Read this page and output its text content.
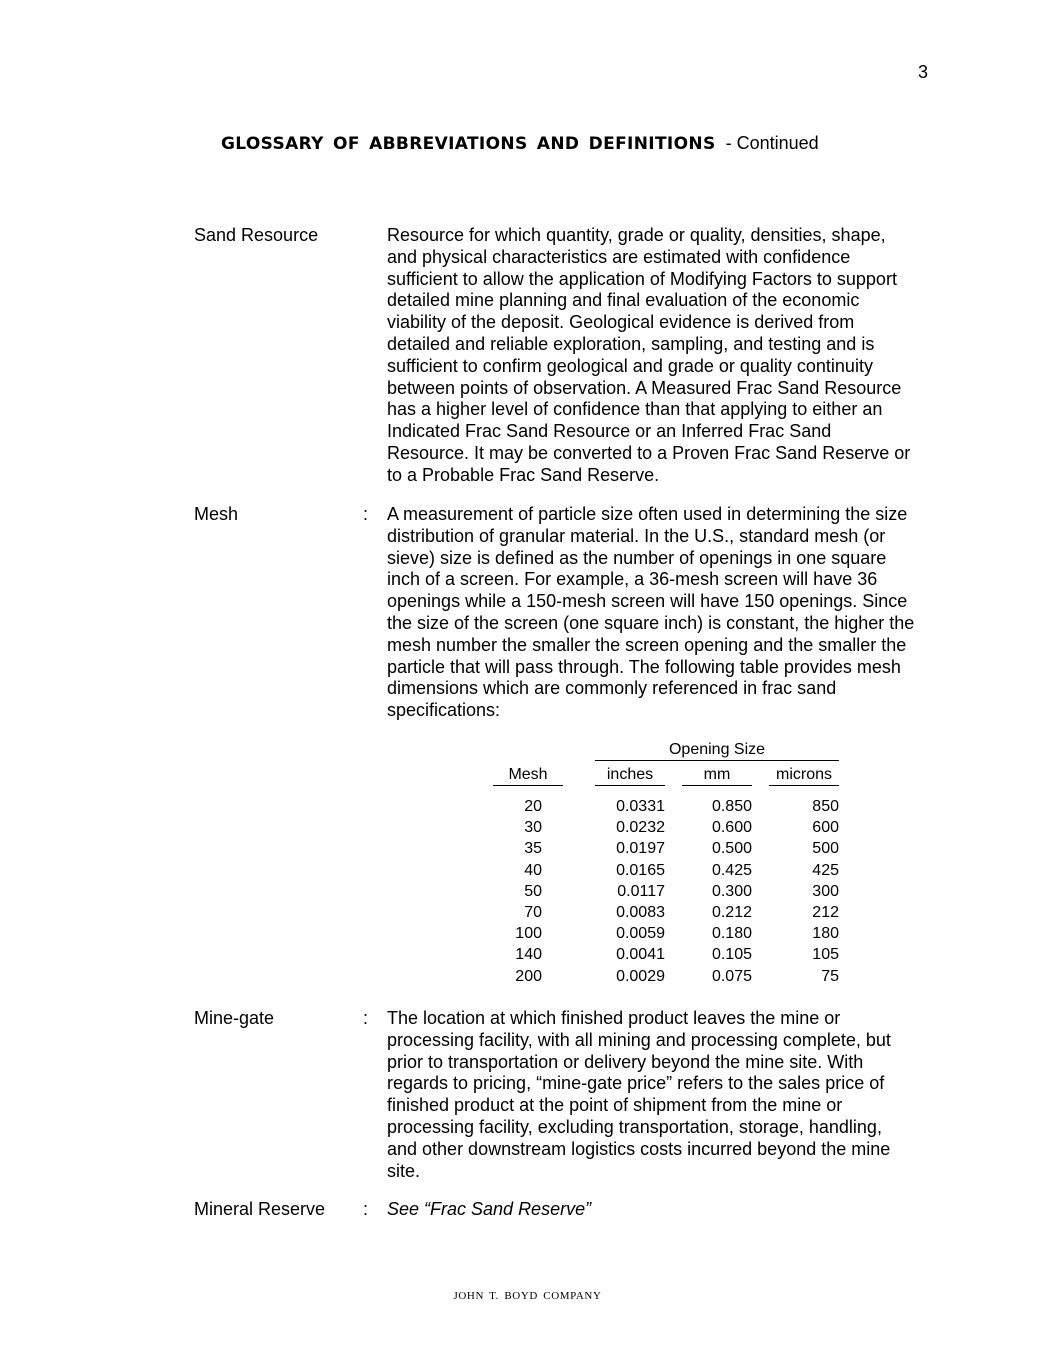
3
GLOSSARY OF ABBREVIATIONS AND DEFINITIONS - Continued
Sand Resource	Resource for which quantity, grade or quality, densities, shape,
and physical characteristics are estimated with confidence
sufficient to allow the application of Modifying Factors to support
detailed mine planning and final evaluation of the economic
viability of the deposit. Geological evidence is derived from
detailed and reliable exploration, sampling, and testing and is
sufficient to confirm geological and grade or quality continuity
between points of observation. A Measured Frac Sand Resource
has a higher level of confidence than that applying to either an
Indicated Frac Sand Resource or an Inferred Frac Sand
Resource. It may be converted to a Proven Frac Sand Reserve or
to a Probable Frac Sand Reserve.
Mesh	: A measurement of particle size often used in determining the size
distribution of granular material. In the U.S., standard mesh (or
sieve) size is defined as the number of openings in one square
inch of a screen. For example, a 36-mesh screen will have 36
openings while a 150-mesh screen will have 150 openings. Since
the size of the screen (one square inch) is constant, the higher the
mesh number the smaller the screen opening and the smaller the
particle that will pass through. The following table provides mesh
dimensions which are commonly referenced in frac sand
specifications:
Opening Size
Mesh	inches	mm	microns
20	0.0331	0.850	850
30	0.0232	0.600	600
35	0.0197	0.500	500
40	0.0165	0.425	425
50	0.0117	0.300	300
70	0.0083	0.212	212
100	0.0059	0.180	180
140	0.0041	0.105	105
200	0.0029	0.075	75
Mine-gate	: The location at which finished product leaves the mine or
processing facility, with all mining and processing complete, but
prior to transportation or delivery beyond the mine site. With
regards to pricing, “mine-gate price” refers to the sales price of
finished product at the point of shipment from the mine or
processing facility, excluding transportation, storage, handling,
and other downstream logistics costs incurred beyond the mine
site.
Mineral Reserve : See “Frac Sand Reserve”
JOHN T. BOYD COMPANY
